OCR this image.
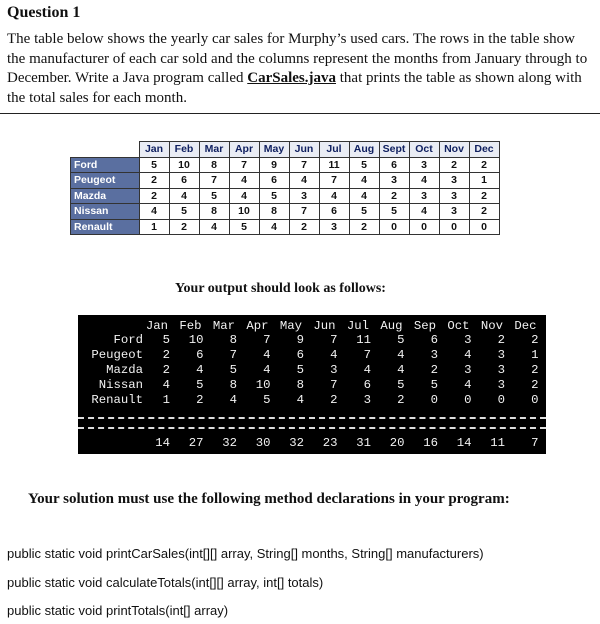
Question 1
The table below shows the yearly car sales for Murphy’s used cars. The rows in the table show the manufacturer of each car sold and the columns represent the months from January through to December. Write a Java program called CarSales.java that prints the table as shown along with the total sales for each month.
	Jan	Feb	Mar	Apr	May	Jun	Jul	Aug	Sept	Oct	Nov	Dec
Ford	5	10	8	7	9	7	11	5	6	3	2	2
Peugeot	2	6	7	4	6	4	7	4	3	4	3	1
Mazda	2	4	5	4	5	3	4	4	2	3	3	2
Nissan	4	5	8	10	8	7	6	5	5	4	3	2
Renault	1	2	4	5	4	2	3	2	0	0	0	0
Your output should look as follows:
Jan Feb Mar Apr May Jun Jul Aug Sep Oct Nov Dec
Ford	5	10	8	7	9	7	11	5	6	3	2	2
Peugeot	2	6	7	4	6	4	7	4	3	4	3	1
Mazda	2	4	5	4	5	3	4	4	2	3	3	2
Nissan	4	5	8	10	8	7	6	5	5	4	3	2
Renault	1	2	4	5	4	2	3	2	0	0	0	0
14	27	32	30	32	23	31	20	16	14	11	7
Your solution must use the following method declarations in your program:
public static void printCarSales(int[][] array, String[] months, String[] manufacturers)
public static void calculateTotals(int[][] array, int[] totals)
public static void printTotals(int[] array)
